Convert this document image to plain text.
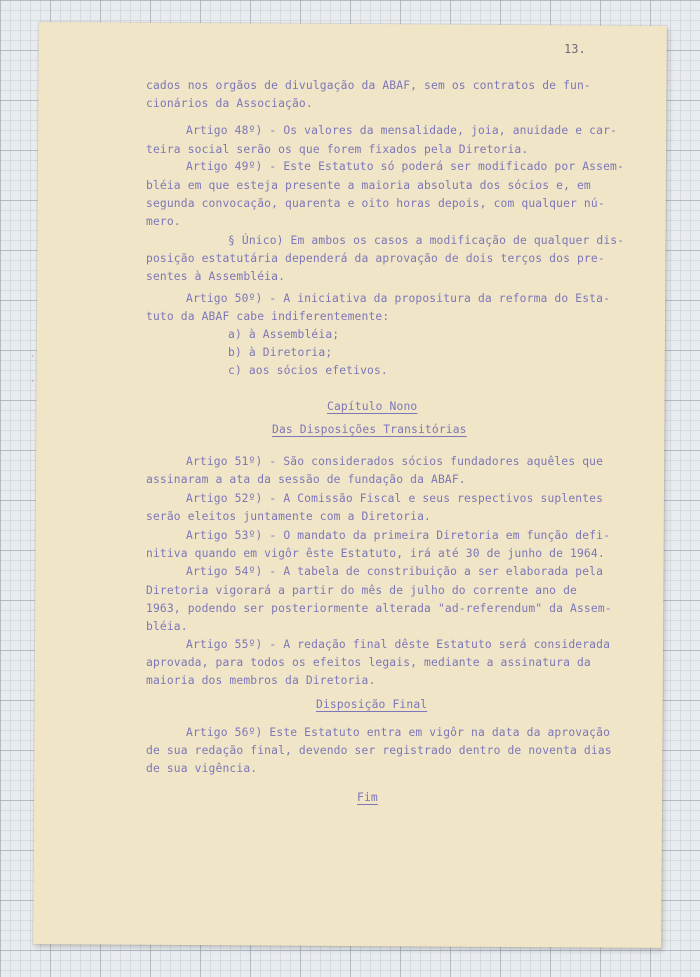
13.
·
·
cados nos orgãos de divulgação da ABAF, sem os contratos de fun-
cionários da Associação.
Artigo 48º) - Os valores da mensalidade, joia, anuidade e car-
teira social serão os que forem fixados pela Diretoria.
Artigo 49º) - Este Estatuto só poderá ser modificado por Assem-
bléia em que esteja presente a maioria absoluta dos sócios e, em
segunda convocação, quarenta e oito horas depois, com qualquer nú-
mero.
§ Único) Em ambos os casos a modificação de qualquer dis-
posição estatutária dependerá da aprovação de dois terços dos pre-
sentes à Assembléia.
Artigo 50º) - A iniciativa da propositura da reforma do Esta-
tuto da ABAF cabe indiferentemente:
a) à Assembléia;
b) à Diretoria;
c) aos sócios efetivos.
Capítulo Nono
Das Disposições Transitórias
Artigo 51º) - São considerados sócios fundadores aquêles que
assinaram a ata da sessão de fundação da ABAF.
Artigo 52º) - A Comissão Fiscal e seus respectivos suplentes
serão eleitos juntamente com a Diretoria.
Artigo 53º) - O mandato da primeira Diretoria em função defi-
nitiva quando em vigôr êste Estatuto, irá até 30 de junho de 1964.
Artigo 54º) - A tabela de constribuição a ser elaborada pela
Diretoria vigorará a partir do mês de julho do corrente ano de
1963, podendo ser posteriormente alterada "ad-referendum" da Assem-
bléia.
Artigo 55º) - A redação final dêste Estatuto será considerada
aprovada, para todos os efeitos legais, mediante a assinatura da
maioria dos membros da Diretoria.
Disposição Final
Artigo 56º) Este Estatuto entra em vigôr na data da aprovação
de sua redação final, devendo ser registrado dentro de noventa dias
de sua vigência.
Fim
